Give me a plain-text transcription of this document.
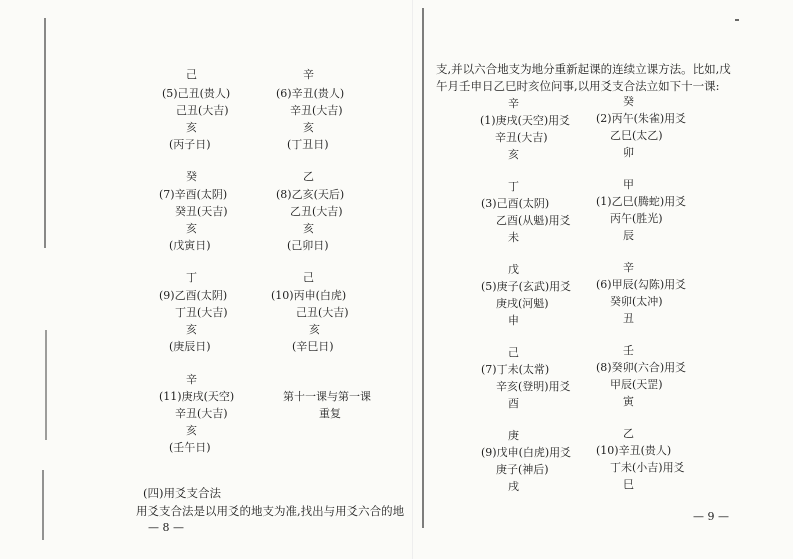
己
(5)己丑(贵人)
己丑(大吉)
亥
(丙子日)
辛
(6)辛丑(贵人)
辛丑(大吉)
亥
(丁丑日)
癸
(7)辛酉(太阴)
癸丑(天吉)
亥
(戊寅日)
乙
(8)乙亥(天后)
乙丑(大吉)
亥
(己卯日)
丁
(9)乙酉(太阴)
丁丑(大吉)
亥
(庚辰日)
己
(10)丙申(白虎)
己丑(大吉)
亥
(辛巳日)
辛
(11)庚戌(天空)
辛丑(大吉)
亥
(壬午日)
第十一课与第一课
重复
(四)用爻支合法
用爻支合法是以用爻的地支为准,找出与用爻六合的地
— 8 —
支,并以六合地支为地分重新起课的连续立课方法。比如,戊
午月壬申日乙巳时亥位问事,以用爻支合法立如下十一课:
辛
(1)庚戌(天空)用爻
辛丑(大吉)
亥
癸
(2)丙午(朱雀)用爻
乙巳(太乙)
卯
丁
(3)己酉(太阴)
乙酉(从魁)用爻
未
甲
(1)乙巳(腾蛇)用爻
丙午(胜光)
辰
戊
(5)庚子(玄武)用爻
庚戌(河魁)
申
辛
(6)甲辰(勾陈)用爻
癸卯(太冲)
丑
己
(7)丁未(太常)
辛亥(登明)用爻
酉
壬
(8)癸卯(六合)用爻
甲辰(天罡)
寅
庚
(9)戊申(白虎)用爻
庚子(神后)
戌
乙
(10)辛丑(贵人)
丁未(小吉)用爻
巳
— 9 —
